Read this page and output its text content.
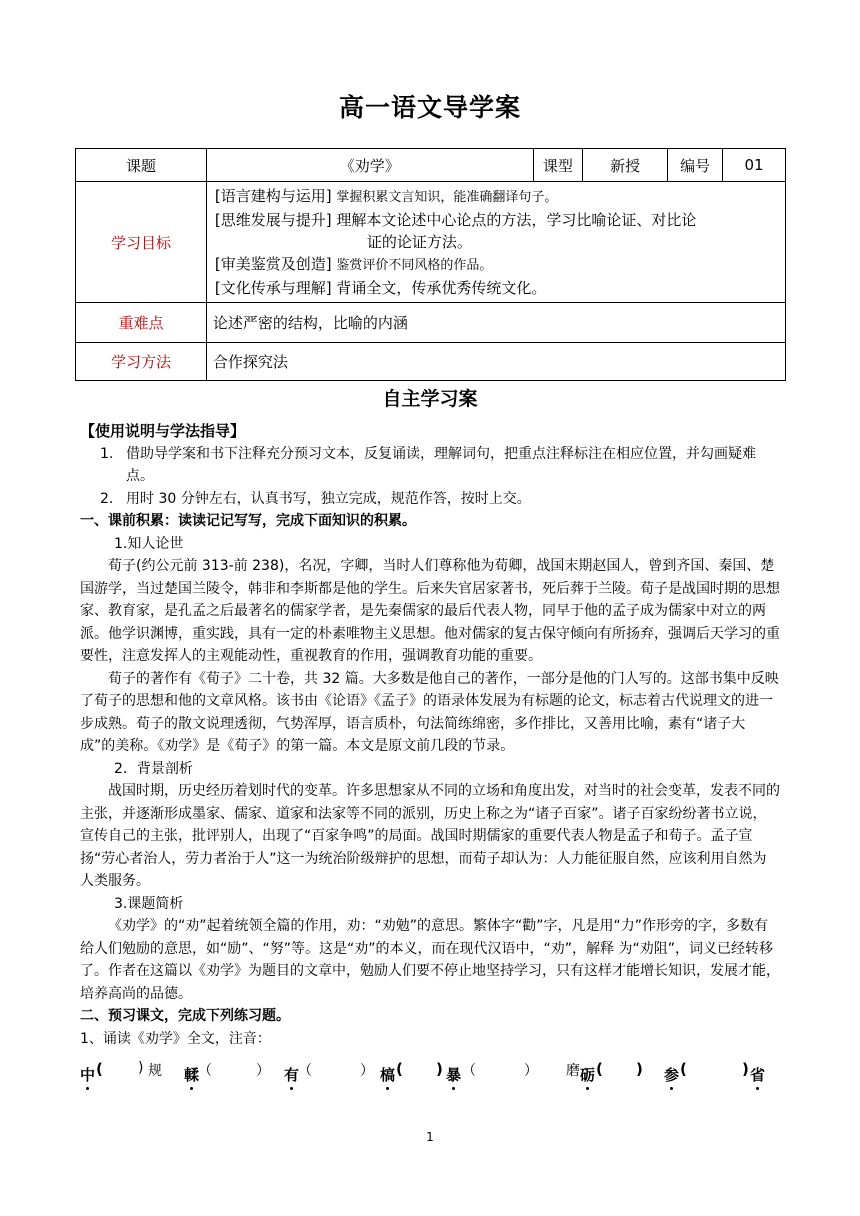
高一语文导学案
课题	《劝学》	课型	新授	编号	01
学习目标	[语言建构与运用] 掌握积累文言知识，能准确翻译句子。
[思维发展与提升] 理解本文论述中心论点的方法，学习比喻论证、对比论
证的论证方法。
[审美鉴赏及创造] 鉴赏评价不同风格的作品。
[文化传承与理解] 背诵全文，传承优秀传统文化。				

重难点	论述严密的结构，比喻的内涵				
学习方法	合作探究法				
自主学习案
【使用说明与学法指导】
1. 借助导学案和书下注释充分预习文本，反复诵读，理解词句，把重点注释标注在相应位置，并勾画疑难点。
2. 用时 30 分钟左右，认真书写，独立完成，规范作答，按时上交。
一、课前积累：读读记记写写，完成下面知识的积累。
1.知人论世
荀子(约公元前 313-前 238)，名况，字卿，当时人们尊称他为荀卿，战国末期赵国人，曾到齐国、秦国、楚国游学，当过楚国兰陵令，韩非和李斯都是他的学生。后来失官居家著书，死后葬于兰陵。荀子是战国时期的思想家、教育家，是孔孟之后最著名的儒家学者，是先秦儒家的最后代表人物，同早于他的孟子成为儒家中对立的两派。他学识渊博，重实践，具有一定的朴素唯物主义思想。他对儒家的复古保守倾向有所扬弃，强调后天学习的重要性，注意发挥人的主观能动性，重视教育的作用，强调教育功能的重要。
荀子的著作有《荀子》二十卷，共 32 篇。大多数是他自己的著作，一部分是他的门人写的。这部书集中反映了荀子的思想和他的文章风格。该书由《论语》《孟子》的语录体发展为有标题的论文，标志着古代说理文的进一步成熟。荀子的散文说理透彻，气势浑厚，语言质朴，句法简练绵密，多作排比，又善用比喻，素有“诸子大成”的美称。《劝学》是《荀子》的第一篇。本文是原文前几段的节录。
2．背景剖析
战国时期，历史经历着划时代的变革。许多思想家从不同的立场和角度出发，对当时的社会变革，发表不同的主张，并逐渐形成墨家、儒家、道家和法家等不同的派别，历史上称之为“诸子百家”。诸子百家纷纷著书立说，宣传自己的主张，批评别人，出现了“百家争鸣”的局面。战国时期儒家的重要代表人物是孟子和荀子。孟子宣扬“劳心者治人，劳力者治于人”这一为统治阶级辩护的思想，而荀子却认为：人力能征服自然，应该利用自然为人类服务。
3.课题简析
《劝学》的“劝”起着统领全篇的作用，劝：“劝勉”的意思。繁体字“勸”字，凡是用“力”作形旁的字，多数有给人们勉励的意思，如“励”、“努”等。这是“劝”的本义，而在现代汉语中，“劝”，解释 为“劝阻”，词义已经转移了。作者在这篇以《劝学》为题目的文章中，勉励人们要不停止地坚持学习，只有这样才能增长知识，发展才能，培养高尚的品德。
二、预习课文，完成下列练习题。
1、诵读《劝学》全文，注音：
中 (	) 规 輮
（	） 有
（	） 槁 ( ) 暴 （	） 磨 砺 ( ) 参 (	) 省
1
